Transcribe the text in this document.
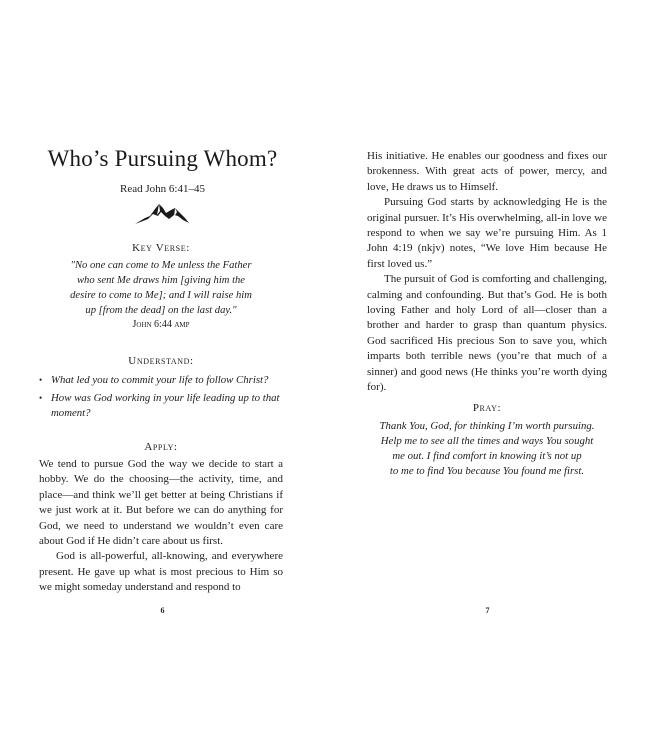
Who’s Pursuing Whom?
Read John 6:41–45
Key Verse:
"No one can come to Me unless the Father
who sent Me draws him [giving him the
desire to come to Me]; and I will raise him
up [from the dead] on the last day."
John 6:44 amp
Understand:
• What led you to commit your life to follow Christ?
• How was God working in your life leading up to that moment?
Apply:

We tend to pursue God the way we decide to start a hobby. We do the choosing—the activity, time, and place—and think we’ll get better at being Christians if we just work at it. But before we can do anything for God, we need to understand we wouldn’t even care about God if He didn’t care about us first.

God is all-powerful, all-knowing, and everywhere present. He gave up what is most precious to Him so we might someday understand and respond to

6

His initiative. He enables our goodness and fixes our brokenness. With great acts of power, mercy, and love, He draws us to Himself.

Pursuing God starts by acknowledging He is the original pursuer. It’s His overwhelming, all-in love we respond to when we say we’re pursuing Him. As 1 John 4:19 (nkjv) notes, “We love Him because He first loved us.”

The pursuit of God is comforting and challenging, calming and confounding. But that’s God. He is both loving Father and holy Lord of all—closer than a brother and harder to grasp than quantum physics. God sacrificed His precious Son to save you, which imparts both terrible news (you’re that much of a sinner) and good news (He thinks you’re worth dying for).

Pray:
Thank You, God, for thinking I’m worth pursuing.
Help me to see all the times and ways You sought
me out. I find comfort in knowing it’s not up
to me to find You because You found me first.
7
